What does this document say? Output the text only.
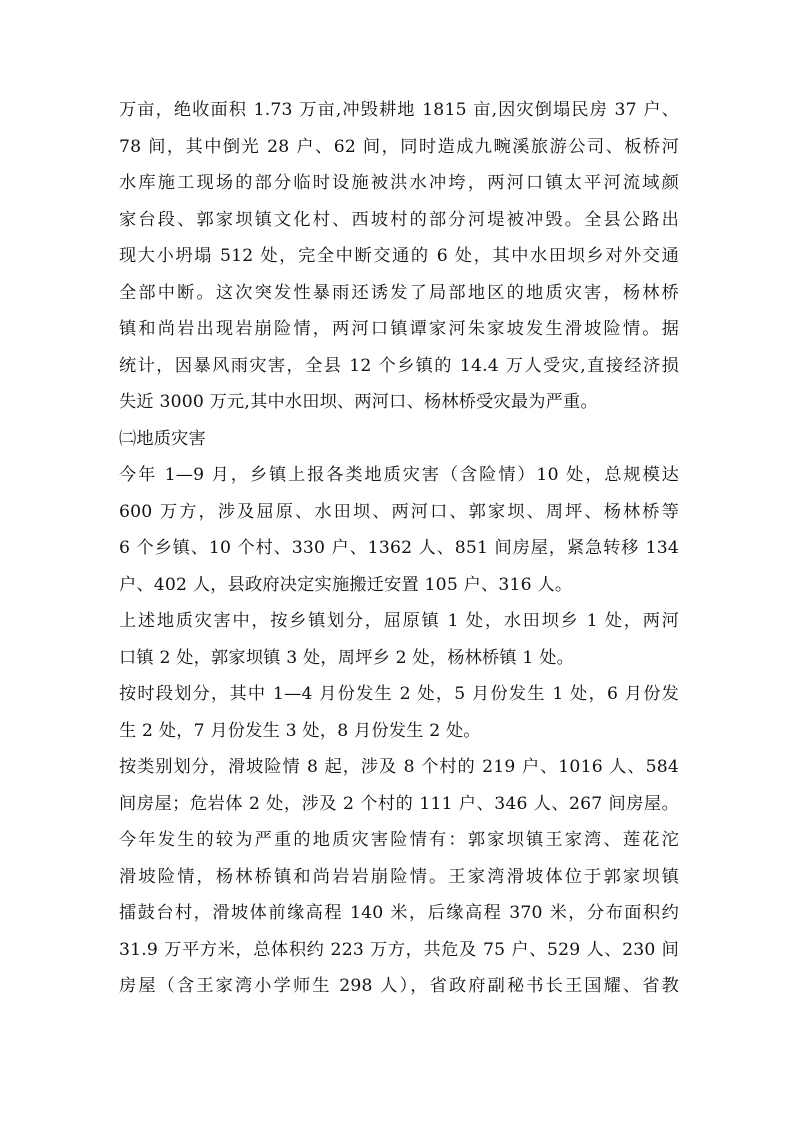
万亩，绝收面积 1.73 万亩,冲毁耕地 1815 亩,因灾倒塌民房 37 户、
78 间，其中倒光 28 户、62 间，同时造成九畹溪旅游公司、板桥河
水库施工现场的部分临时设施被洪水冲垮，两河口镇太平河流域颜
家台段、郭家坝镇文化村、西坡村的部分河堤被冲毁。全县公路出
现大小坍塌 512 处，完全中断交通的 6 处，其中水田坝乡对外交通
全部中断。这次突发性暴雨还诱发了局部地区的地质灾害，杨林桥
镇和尚岩出现岩崩险情，两河口镇谭家河朱家坡发生滑坡险情。据
统计，因暴风雨灾害，全县 12 个乡镇的 14.4 万人受灾,直接经济损
失近 3000 万元,其中水田坝、两河口、杨林桥受灾最为严重。
㈡地质灾害
今年 1—9 月，乡镇上报各类地质灾害（含险情）10 处，总规模达
600 万方，涉及屈原、水田坝、两河口、郭家坝、周坪、杨林桥等
6 个乡镇、10 个村、330 户、1362 人、851 间房屋，紧急转移 134
户、402 人，县政府决定实施搬迁安置 105 户、316 人。
上述地质灾害中，按乡镇划分，屈原镇 1 处，水田坝乡 1 处，两河
口镇 2 处，郭家坝镇 3 处，周坪乡 2 处，杨林桥镇 1 处。
按时段划分，其中 1—4 月份发生 2 处，5 月份发生 1 处，6 月份发
生 2 处，7 月份发生 3 处，8 月份发生 2 处。
按类别划分，滑坡险情 8 起，涉及 8 个村的 219 户、1016 人、584
间房屋；危岩体 2 处，涉及 2 个村的 111 户、346 人、267 间房屋。
今年发生的较为严重的地质灾害险情有：郭家坝镇王家湾、莲花沱
滑坡险情，杨林桥镇和尚岩岩崩险情。王家湾滑坡体位于郭家坝镇
擂鼓台村，滑坡体前缘高程 140 米，后缘高程 370 米，分布面积约
31.9 万平方米，总体积约 223 万方，共危及 75 户、529 人、230 间
房屋（含王家湾小学师生 298 人），省政府副秘书长王国耀、省教
